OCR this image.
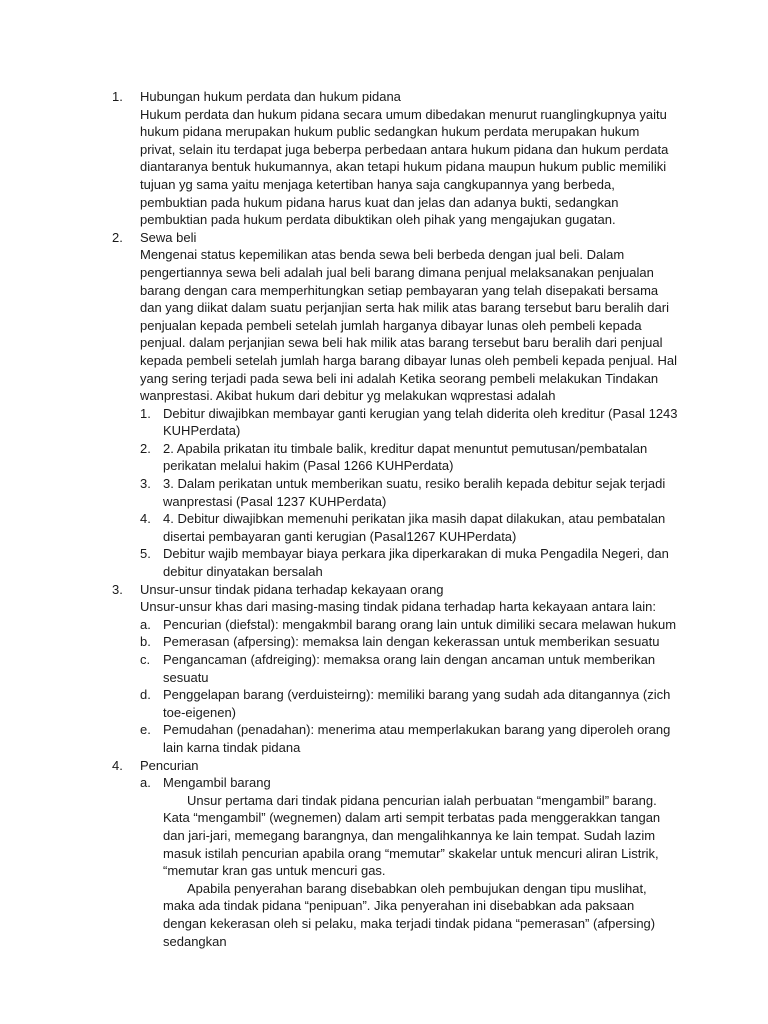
1.	Hubungan hukum perdata dan hukum pidana

Hukum perdata dan hukum pidana secara umum dibedakan menurut ruanglingkupnya yaitu hukum pidana merupakan hukum public sedangkan hukum perdata merupakan hukum privat, selain itu terdapat juga beberpa perbedaan antara hukum pidana dan hukum perdata diantaranya bentuk hukumannya, akan tetapi hukum pidana maupun hukum public memiliki tujuan yg sama yaitu menjaga ketertiban hanya saja cangkupannya yang berbeda, pembuktian pada hukum pidana harus kuat dan jelas dan adanya bukti, sedangkan pembuktian pada hukum perdata dibuktikan oleh pihak yang mengajukan gugatan.

2.	Sewa beli

Mengenai status kepemilikan atas benda sewa beli berbeda dengan jual beli. Dalam pengertiannya sewa beli adalah jual beli barang dimana penjual melaksanakan penjualan barang dengan cara memperhitungkan setiap pembayaran yang telah disepakati bersama dan yang diikat dalam suatu perjanjian serta hak milik atas barang tersebut baru beralih dari penjualan kepada pembeli setelah jumlah harganya dibayar lunas oleh pembeli kepada penjual. dalam perjanjian sewa beli hak milik atas barang tersebut baru beralih dari penjual kepada pembeli setelah jumlah harga barang dibayar lunas oleh pembeli kepada penjual. Hal yang sering terjadi pada sewa beli ini adalah Ketika seorang pembeli melakukan Tindakan wanprestasi. Akibat hukum dari debitur yg melakukan wqprestasi adalah

1. Debitur diwajibkan membayar ganti kerugian yang telah diderita oleh kreditur (Pasal 1243 KUHPerdata)
2. 2. Apabila prikatan itu timbale balik, kreditur dapat menuntut pemutusan/pembatalan perikatan melalui hakim (Pasal 1266 KUHPerdata)
3. 3. Dalam perikatan untuk memberikan suatu, resiko beralih kepada debitur sejak terjadi wanprestasi (Pasal 1237 KUHPerdata)
4. 4. Debitur diwajibkan memenuhi perikatan jika masih dapat dilakukan, atau pembatalan disertai pembayaran ganti kerugian (Pasal1267 KUHPerdata)
5. Debitur wajib membayar biaya perkara jika diperkarakan di muka Pengadila Negeri, dan debitur dinyatakan bersalah
3.	Unsur-unsur tindak pidana terhadap kekayaan orang

Unsur-unsur khas dari masing-masing tindak pidana terhadap harta kekayaan antara lain:

a. Pencurian (diefstal): mengakmbil barang orang lain untuk dimiliki secara melawan hukum
b. Pemerasan (afpersing): memaksa lain dengan kekerassan untuk memberikan sesuatu
c. Pengancaman (afdreiging): memaksa orang lain dengan ancaman untuk memberikan sesuatu
d. Penggelapan barang (verduisteirng): memiliki barang yang sudah ada ditangannya (zich toe-eigenen)
e. Pemudahan (penadahan): menerima atau memperlakukan barang yang diperoleh orang lain karna tindak pidana
4.	Pencurian

a. Mengambil barang

Unsur pertama dari tindak pidana pencurian ialah perbuatan “mengambil” barang. Kata “mengambil” (wegnemen) dalam arti sempit terbatas pada menggerakkan tangan dan jari-jari, memegang barangnya, dan mengalihkannya ke lain tempat. Sudah lazim masuk istilah pencurian apabila orang “memutar” skakelar untuk mencuri aliran Listrik, “memutar kran gas untuk mencuri gas.

Apabila penyerahan barang disebabkan oleh pembujukan dengan tipu muslihat, maka ada tindak pidana “penipuan”. Jika penyerahan ini disebabkan ada paksaan dengan kekerasan oleh si pelaku, maka terjadi tindak pidana “pemerasan” (afpersing) sedangkan
